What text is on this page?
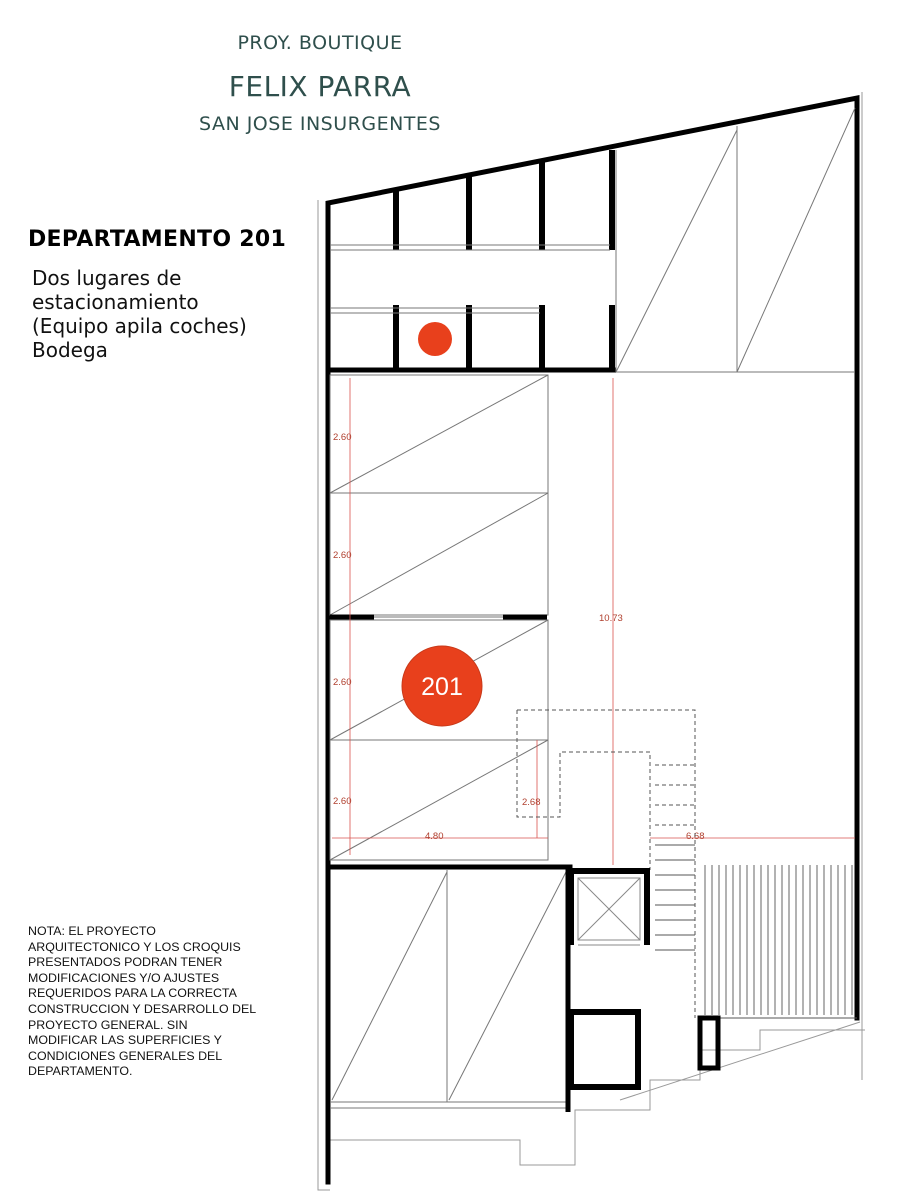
PROY. BOUTIQUE
FELIX PARRA
SAN JOSE INSURGENTES
DEPARTAMENTO 201
Dos lugares de
estacionamiento
(Equipo apila coches)
Bodega
NOTA: EL PROYECTO
ARQUITECTONICO Y LOS CROQUIS
PRESENTADOS PODRAN TENER
MODIFICACIONES Y/O AJUSTES
REQUERIDOS PARA LA CORRECTA
CONSTRUCCION Y DESARROLLO DEL
PROYECTO GENERAL. SIN
MODIFICAR LAS SUPERFICIES Y
CONDICIONES GENERALES DEL
DEPARTAMENTO.
2.60
2.60
2.60
2.60
10.73
4.80
2.68
6.68
201
